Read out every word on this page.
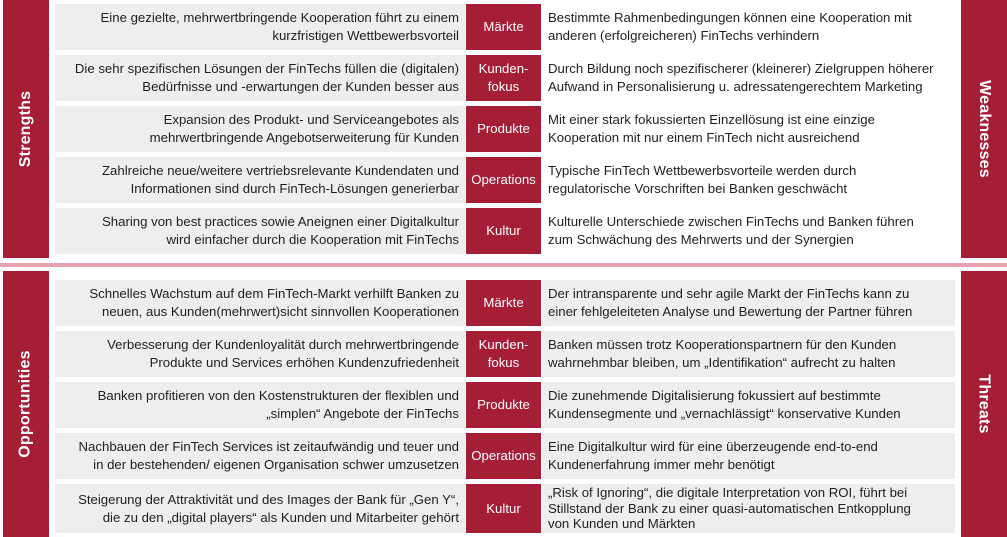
Strengths	Weaknesses
Opportunities	Threats
Eine gezielte, mehrwertbringende Kooperation führt zu einem
kurzfristigen Wettbewerbsvorteil
Märkte
Bestimmte Rahmenbedingungen können eine Kooperation mit
anderen (erfolgreicheren) FinTechs verhindern
Die sehr spezifischen Lösungen der FinTechs füllen die (digitalen)
Bedürfnisse und -erwartungen der Kunden besser aus
Kunden-
fokus
Durch Bildung noch spezifischerer (kleinerer) Zielgruppen höherer
Aufwand in Personalisierung u. adressatengerechtem Marketing
Expansion des Produkt- und Serviceangebotes als
mehrwertbringende Angebotserweiterung für Kunden
Produkte
Mit einer stark fokussierten Einzellösung ist eine einzige
Kooperation mit nur einem FinTech nicht ausreichend
Zahlreiche neue/weitere vertriebsrelevante Kundendaten und
Informationen sind durch FinTech-Lösungen generierbar
Operations
Typische FinTech Wettbewerbsvorteile werden durch
regulatorische Vorschriften bei Banken geschwächt
Sharing von best practices sowie Aneignen einer Digitalkultur
wird einfacher durch die Kooperation mit FinTechs
Kultur
Kulturelle Unterschiede zwischen FinTechs und Banken führen
zum Schwächung des Mehrwerts und der Synergien
Schnelles Wachstum auf dem FinTech-Markt verhilft Banken zu
neuen, aus Kunden(mehrwert)sicht sinnvollen Kooperationen
Märkte
Der intransparente und sehr agile Markt der FinTechs kann zu
einer fehlgeleiteten Analyse und Bewertung der Partner führen
Verbesserung der Kundenloyalität durch mehrwertbringende
Produkte und Services erhöhen Kundenzufriedenheit
Kunden-
fokus
Banken müssen trotz Kooperationspartnern für den Kunden
wahrnehmbar bleiben, um „Identifikation“ aufrecht zu halten
Banken profitieren von den Kostenstrukturen der flexiblen und
„simplen“ Angebote der FinTechs
Produkte
Die zunehmende Digitalisierung fokussiert auf bestimmte
Kundensegmente und „vernachlässigt“ konservative Kunden
Nachbauen der FinTech Services ist zeitaufwändig und teuer und
in der bestehenden/ eigenen Organisation schwer umzusetzen
Operations
Eine Digitalkultur wird für eine überzeugende end-to-end
Kundenerfahrung immer mehr benötigt
Steigerung der Attraktivität und des Images der Bank für „Gen Y“,
die zu den „digital players“ als Kunden und Mitarbeiter gehört
Kultur
„Risk of Ignoring“, die digitale Interpretation von ROI, führt bei
Stillstand der Bank zu einer quasi-automatischen Entkopplung
von Kunden und Märkten
